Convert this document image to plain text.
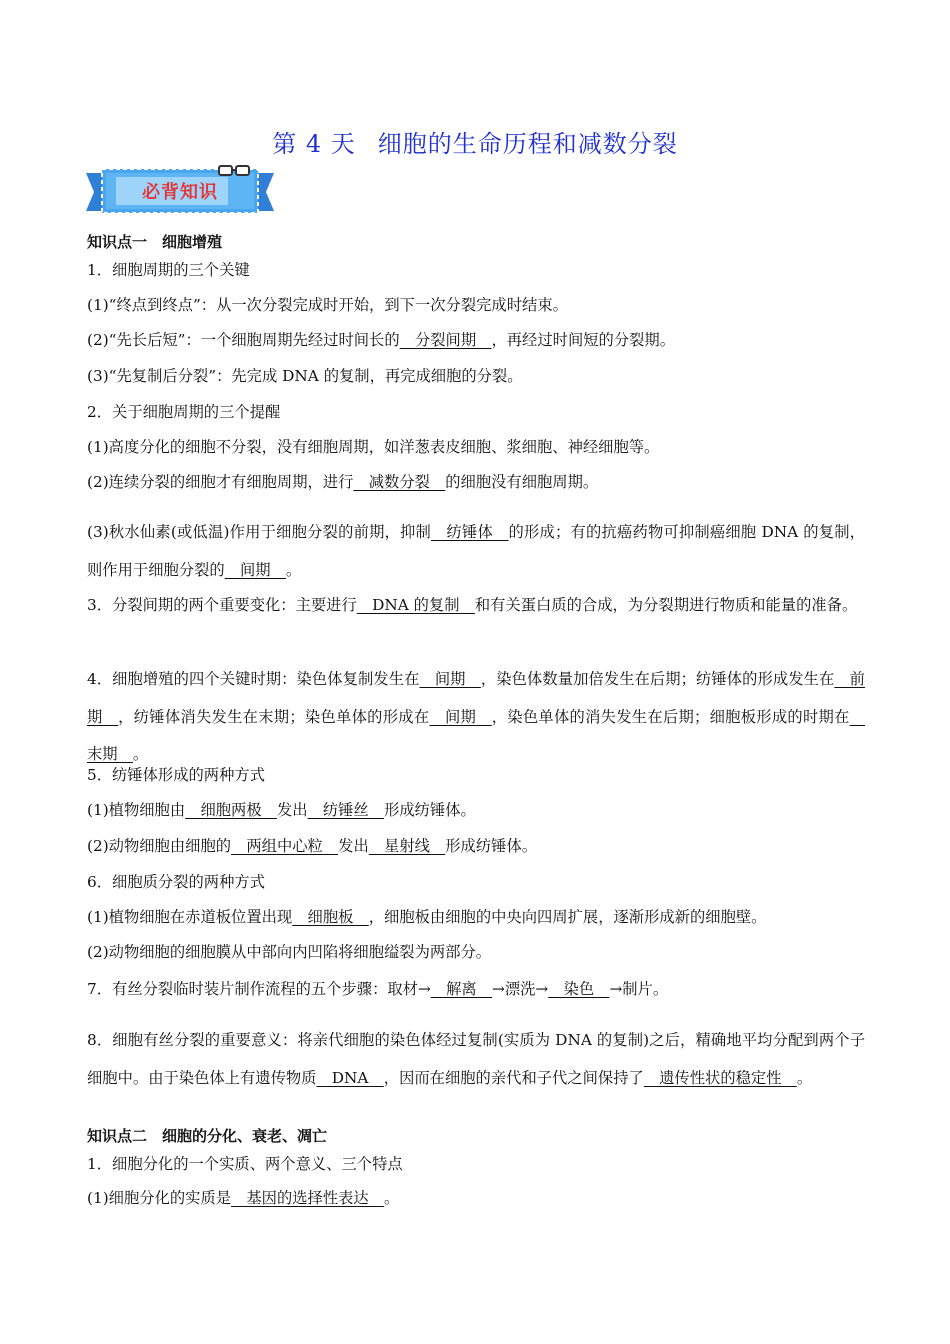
第 4 天 细胞的生命历程和减数分裂
必背知识

知识点一　细胞增殖

1．细胞周期的三个关键

(1)“终点到终点”：从一次分裂完成时开始，到下一次分裂完成时结束。

(2)“先长后短”：一个细胞周期先经过时间长的　分裂间期　，再经过时间短的分裂期。

(3)“先复制后分裂”：先完成 DNA 的复制，再完成细胞的分裂。

2．关于细胞周期的三个提醒

(1)高度分化的细胞不分裂，没有细胞周期，如洋葱表皮细胞、浆细胞、神经细胞等。

(2)连续分裂的细胞才有细胞周期，进行　减数分裂　的细胞没有细胞周期。

(3)秋水仙素(或低温)作用于细胞分裂的前期，抑制　纺锤体　的形成；有的抗癌药物可抑制癌细胞 DNA 的复制，则作用于细胞分裂的　间期　。

3．分裂间期的两个重要变化：主要进行　DNA 的复制　和有关蛋白质的合成，为分裂期进行物质和能量的准备。

4．细胞增殖的四个关键时期：染色体复制发生在　间期　，染色体数量加倍发生在后期；纺锤体的形成发生在　前期　，纺锤体消失发生在末期；染色单体的形成在　间期　，染色单体的消失发生在后期；细胞板形成的时期在　末期　。

5．纺锤体形成的两种方式

(1)植物细胞由　细胞两极　发出　纺锤丝　形成纺锤体。

(2)动物细胞由细胞的　两组中心粒　发出　星射线　形成纺锤体。

6．细胞质分裂的两种方式

(1)植物细胞在赤道板位置出现　细胞板　，细胞板由细胞的中央向四周扩展，逐渐形成新的细胞壁。

(2)动物细胞的细胞膜从中部向内凹陷将细胞缢裂为两部分。

7．有丝分裂临时装片制作流程的五个步骤：取材→　解离　→漂洗→　染色　→制片。

8．细胞有丝分裂的重要意义：将亲代细胞的染色体经过复制(实质为 DNA 的复制)之后，精确地平均分配到两个子细胞中。由于染色体上有遗传物质　DNA　，因而在细胞的亲代和子代之间保持了　遗传性状的稳定性　。

知识点二　细胞的分化、衰老、凋亡

1．细胞分化的一个实质、两个意义、三个特点

(1)细胞分化的实质是　基因的选择性表达　。
